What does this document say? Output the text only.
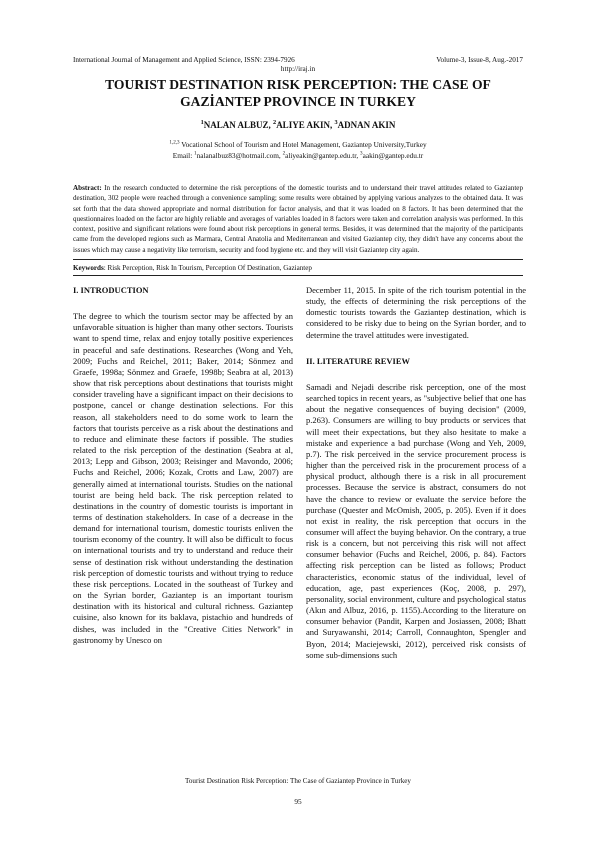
International Journal of Management and Applied Science, ISSN: 2394-7926	Volume-3, Issue-8, Aug.-2017
http://iraj.in
TOURIST DESTINATION RISK PERCEPTION: THE CASE OF
GAZİANTEP PROVINCE IN TURKEY
$^1$NALAN ALBUZ, $^2$ALIYE AKIN, $^3$ADNAN AKIN
$^{1,2,3}$ Vocational School of Tourism and Hotel Management, Gaziantep University,Turkey
Email: $^1$nalanalbuz83@hotmail.com, $^2$aliyeakin@gantep.edu.tr, $^3$aakin@gantep.edu.tr
Abstract: In the research conducted to determine the risk perceptions of the domestic tourists and to understand their travel attitudes related to Gaziantep destination, 302 people were reached through a convenience sampling; some results were obtained by applying various analyzes to the obtained data. It was set forth that the data showed appropriate and normal distribution for factor analysis, and that it was loaded on 8 factors. It has been determined that the questionnaires loaded on the factor are highly reliable and averages of variables loaded in 8 factors were taken and correlation analysis was performed. In this context, positive and significant relations were found about risk perceptions in general terms. Besides, it was determined that the majority of the participants came from the developed regions such as Marmara, Central Anatolia and Mediterranean and visited Gaziantep city, they didn't have any concerns about the issues which may cause a negativity like terrorism, security and food hygiene etc. and they will visit Gaziantep city again.
Keywords: Risk Perception, Risk In Tourism, Perception Of Destination, Gaziantep

I. INTRODUCTION

The degree to which the tourism sector may be affected by an unfavorable situation is higher than many other sectors. Tourists want to spend time, relax and enjoy totally positive experiences in peaceful and safe destinations. Researches (Wong and Yeh, 2009; Fuchs and Reichel, 2011; Baker, 2014; Sönmez and Graefe, 1998a; Sönmez and Graefe, 1998b; Seabra at al, 2013) show that risk perceptions about destinations that tourists might consider traveling have a significant impact on their decisions to postpone, cancel or change destination selections. For this reason, all stakeholders need to do some work to learn the factors that tourists perceive as a risk about the destinations and to reduce and eliminate these factors if possible. The studies related to the risk perception of the destination (Seabra at al, 2013; Lepp and Gibson, 2003; Reisinger and Mavondo, 2006; Fuchs and Reichel, 2006; Kozak, Crotts and Law, 2007) are generally aimed at international tourists. Studies on the national tourist are being held back. The risk perception related to destinations in the country of domestic tourists is important in terms of destination stakeholders. In case of a decrease in the demand for international tourism, domestic tourists enliven the tourism economy of the country. It will also be difficult to focus on international tourists and try to understand and reduce their sense of destination risk without understanding the destination risk perception of domestic tourists and without trying to reduce these risk perceptions. Located in the southeast of Turkey and on the Syrian border, Gaziantep is an important tourism destination with its historical and cultural richness. Gaziantep cuisine, also known for its baklava, pistachio and hundreds of dishes, was included in the "Creative Cities Network" in gastronomy by Unesco on

December 11, 2015. In spite of the rich tourism potential in the study, the effects of determining the risk perceptions of the domestic tourists towards the Gaziantep destination, which is considered to be risky due to being on the Syrian border, and to determine the travel attitudes were investigated.

II. LITERATURE REVIEW

Samadi and Nejadi describe risk perception, one of the most searched topics in recent years, as "subjective belief that one has about the negative consequences of buying decision" (2009, p.263). Consumers are willing to buy products or services that will meet their expectations, but they also hesitate to make a mistake and experience a bad purchase (Wong and Yeh, 2009, p.7). The risk perceived in the service procurement process is higher than the perceived risk in the procurement process of a physical product, although there is a risk in all procurement processes. Because the service is abstract, consumers do not have the chance to review or evaluate the service before the purchase (Quester and McOmish, 2005, p. 205). Even if it does not exist in reality, the risk perception that occurs in the consumer will affect the buying behavior. On the contrary, a true risk is a concern, but not perceiving this risk will not affect consumer behavior (Fuchs and Reichel, 2006, p. 84). Factors affecting risk perception can be listed as follows; Product characteristics, economic status of the individual, level of education, age, past experiences (Koç, 2008, p. 297), personality, social environment, culture and psychological status (Akın and Albuz, 2016, p. 1155).According to the literature on consumer behavior (Pandit, Karpen and Josiassen, 2008; Bhatt and Suryawanshi, 2014; Carroll, Connaughton, Spengler and Byon, 2014; Maciejewski, 2012), perceived risk consists of some sub-dimensions such

Tourist Destination Risk Perception: The Case of Gaziantep Province in Turkey
95
